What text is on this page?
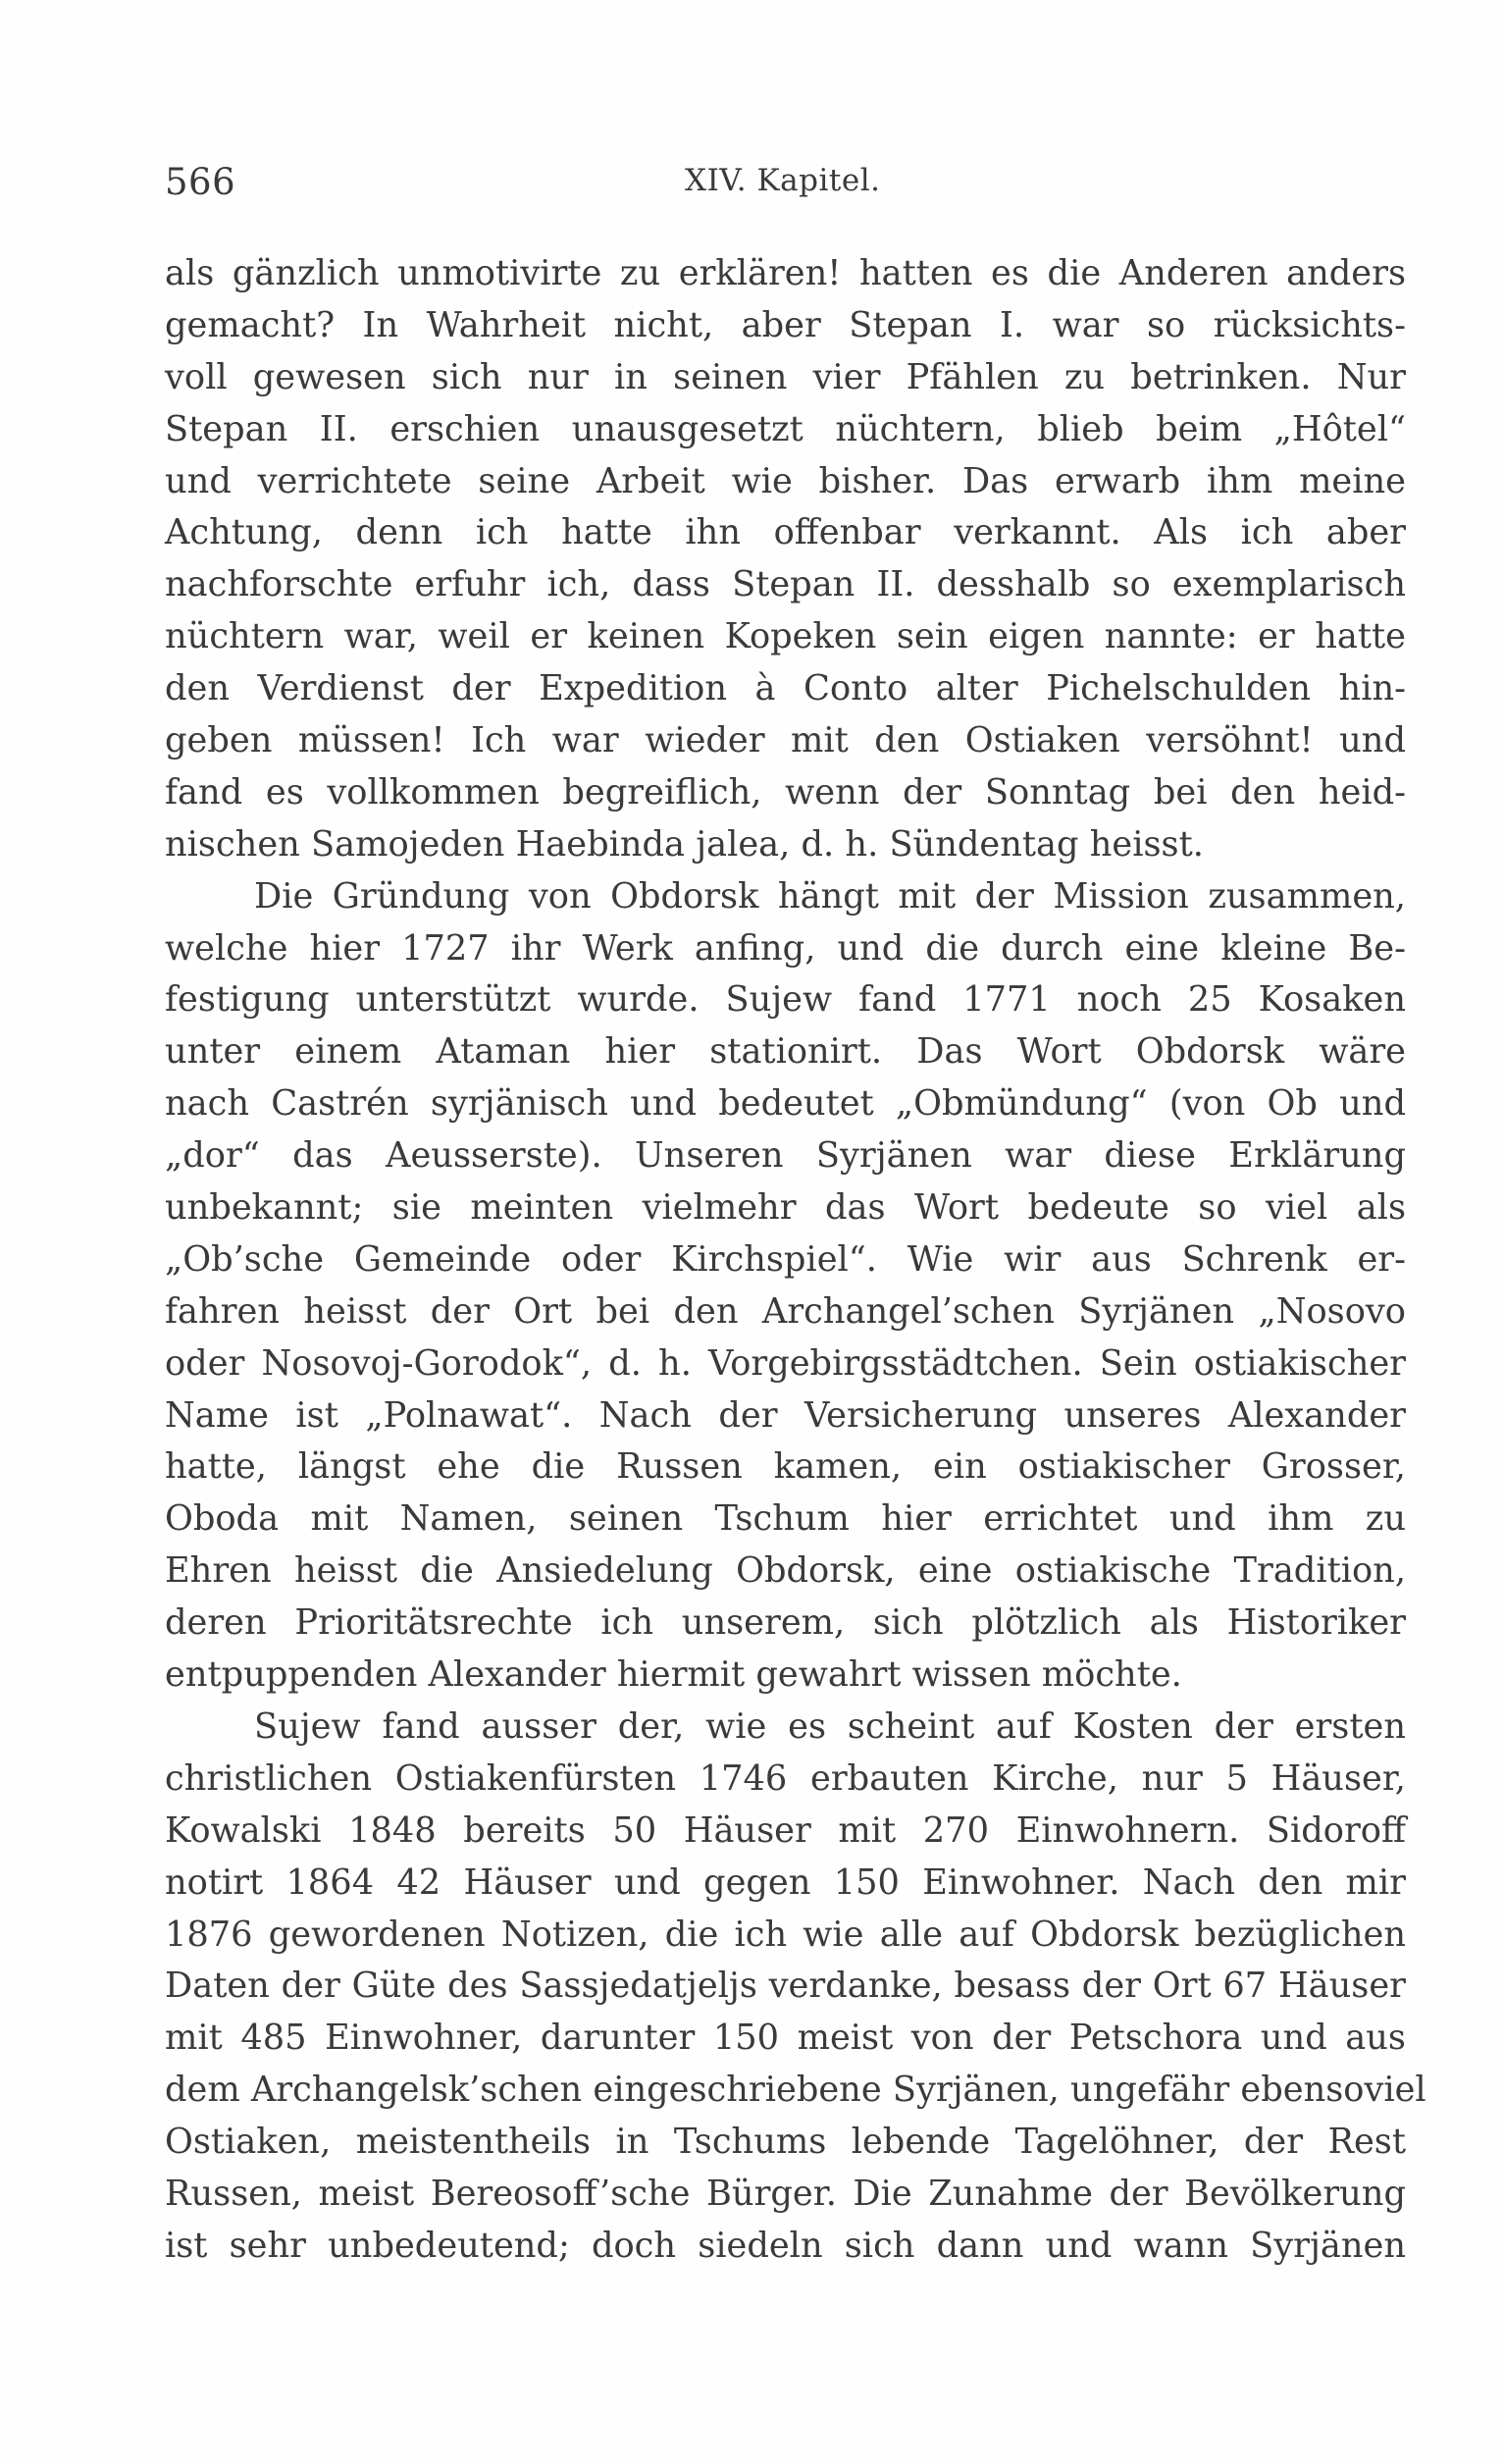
566	XIV. Kapitel.
als gänzlich unmotivirte zu erklären! hatten es die Anderen anders
gemacht? In Wahrheit nicht, aber Stepan I. war so rücksichts-
voll gewesen sich nur in seinen vier Pfählen zu betrinken. Nur
Stepan II. erschien unausgesetzt nüchtern, blieb beim „Hôtel“
und verrichtete seine Arbeit wie bisher. Das erwarb ihm meine
Achtung, denn ich hatte ihn offenbar verkannt. Als ich aber
nachforschte erfuhr ich, dass Stepan II. desshalb so exemplarisch
nüchtern war, weil er keinen Kopeken sein eigen nannte: er hatte
den Verdienst der Expedition à Conto alter Pichelschulden hin-
geben müssen! Ich war wieder mit den Ostiaken versöhnt! und
fand es vollkommen begreiflich, wenn der Sonntag bei den heid-
nischen Samojeden Haebinda jalea, d. h. Sündentag heisst.
Die Gründung von Obdorsk hängt mit der Mission zusammen,
welche hier 1727 ihr Werk anfing, und die durch eine kleine Be-
festigung unterstützt wurde. Sujew fand 1771 noch 25 Kosaken
unter einem Ataman hier stationirt. Das Wort Obdorsk wäre
nach Castrén syrjänisch und bedeutet „Obmündung“ (von Ob und
„dor“ das Aeusserste). Unseren Syrjänen war diese Erklärung
unbekannt; sie meinten vielmehr das Wort bedeute so viel als
„Ob’sche Gemeinde oder Kirchspiel“. Wie wir aus Schrenk er-
fahren heisst der Ort bei den Archangel’schen Syrjänen „Nosovo
oder Nosovoj-Gorodok“, d. h. Vorgebirgsstädtchen. Sein ostiakischer
Name ist „Polnawat“. Nach der Versicherung unseres Alexander
hatte, längst ehe die Russen kamen, ein ostiakischer Grosser,
Oboda mit Namen, seinen Tschum hier errichtet und ihm zu
Ehren heisst die Ansiedelung Obdorsk, eine ostiakische Tradition,
deren Prioritätsrechte ich unserem, sich plötzlich als Historiker
entpuppenden Alexander hiermit gewahrt wissen möchte.
Sujew fand ausser der, wie es scheint auf Kosten der ersten
christlichen Ostiakenfürsten 1746 erbauten Kirche, nur 5 Häuser,
Kowalski 1848 bereits 50 Häuser mit 270 Einwohnern. Sidoroff
notirt 1864 42 Häuser und gegen 150 Einwohner. Nach den mir
1876 gewordenen Notizen, die ich wie alle auf Obdorsk bezüglichen
Daten der Güte des Sassjedatjeljs verdanke, besass der Ort 67 Häuser
mit 485 Einwohner, darunter 150 meist von der Petschora und aus
dem Archangelsk’schen eingeschriebene Syrjänen, ungefähr ebensoviel
Ostiaken, meistentheils in Tschums lebende Tagelöhner, der Rest
Russen, meist Bereosoff’sche Bürger. Die Zunahme der Bevölkerung
ist sehr unbedeutend; doch siedeln sich dann und wann Syrjänen
